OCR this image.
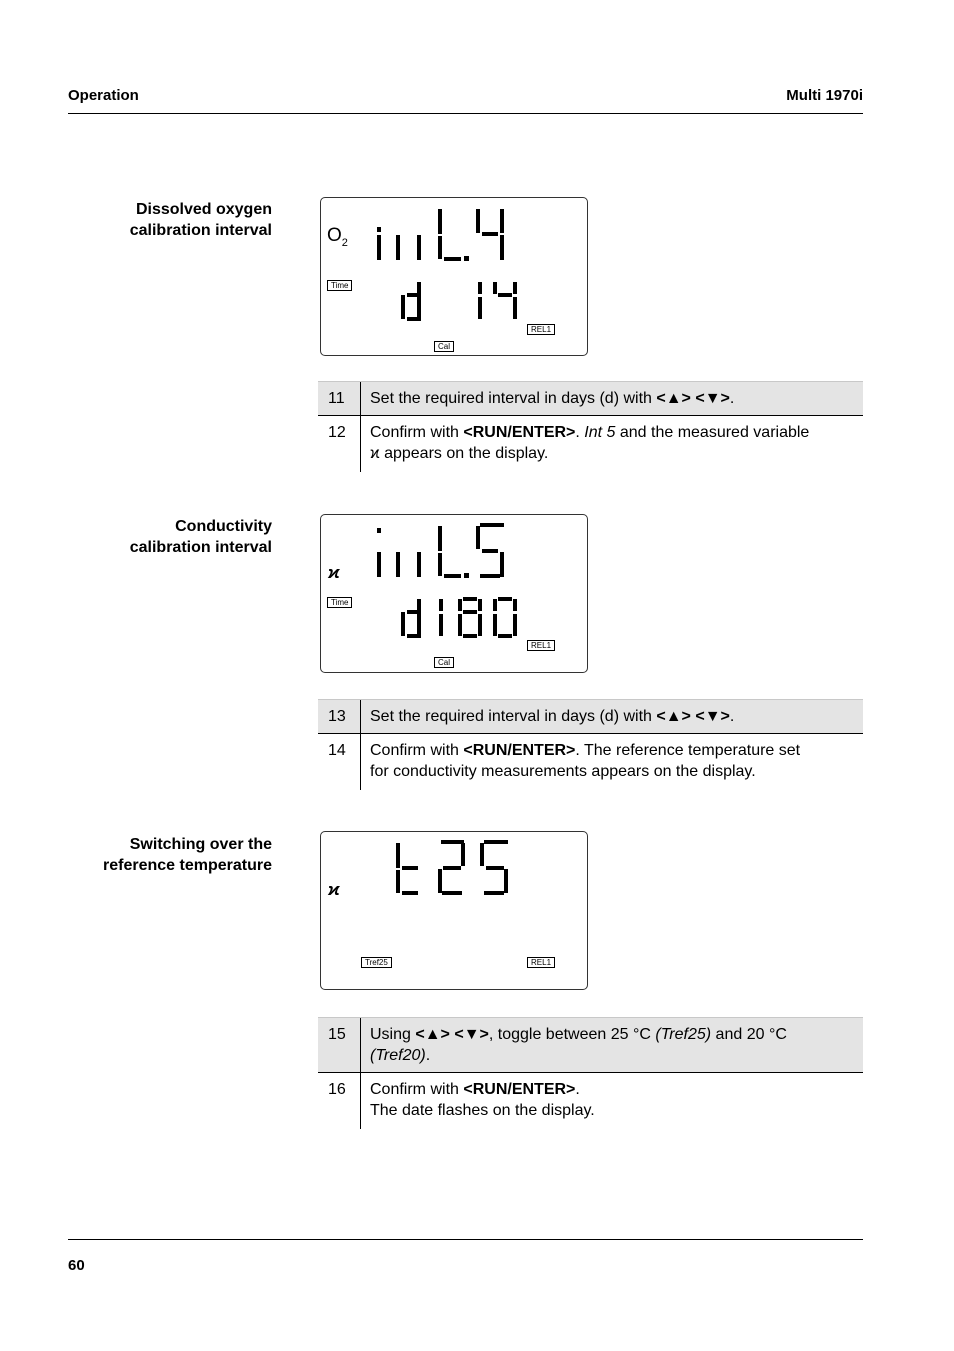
Operation	Multi 1970i
Dissolved oxygen
calibration interval	$O_2$
Time
REL1
Cal
11	Set the required interval in days (d) with <▲> <▼>.
12	Confirm with <RUN/ENTER>. Int 5 and the measured variable
ϰ appears on the display.
Conductivity
calibration interval
ϰ
Time
REL1
Cal
13	Set the required interval in days (d) with <▲> <▼>.
14	Confirm with <RUN/ENTER>. The reference temperature set
for conductivity measurements appears on the display.
Switching over the
reference temperature
ϰ
Tref25	REL1
15	Using <▲> <▼>, toggle between 25 °C (Tref25) and 20 °C
(Tref20).
16	Confirm with <RUN/ENTER>.
The date flashes on the display.
60
